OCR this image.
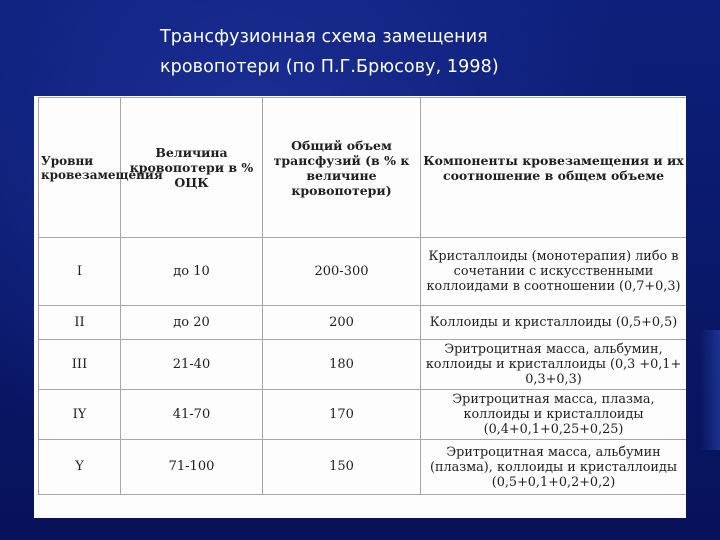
Трансфузионная схема замещения
кровопотери (по П.Г.Брюсову, 1998)
Уровни кровезамещения	Величина кровопотери в % ОЦК	Общий объем трансфузий (в % к величине кровопотери)	Компоненты кровезамещения и их соотношение в общем объеме
I	до 10	200-300	Кристаллоиды (монотерапия) либо в сочетании с искусственными коллоидами в соотношении (0,7+0,3)
II	до 20	200	Коллоиды и кристаллоиды (0,5+0,5)
III	21-40	180	Эритроцитная масса, альбумин, коллоиды и кристаллоиды (0,3 +0,1+ 0,3+0,3)
IY	41-70	170	Эритроцитная масса, плазма, коллоиды и кристаллоиды (0,4+0,1+0,25+0,25)
Y	71-100	150	Эритроцитная масса, альбумин (плазма), коллоиды и кристаллоиды (0,5+0,1+0,2+0,2)
